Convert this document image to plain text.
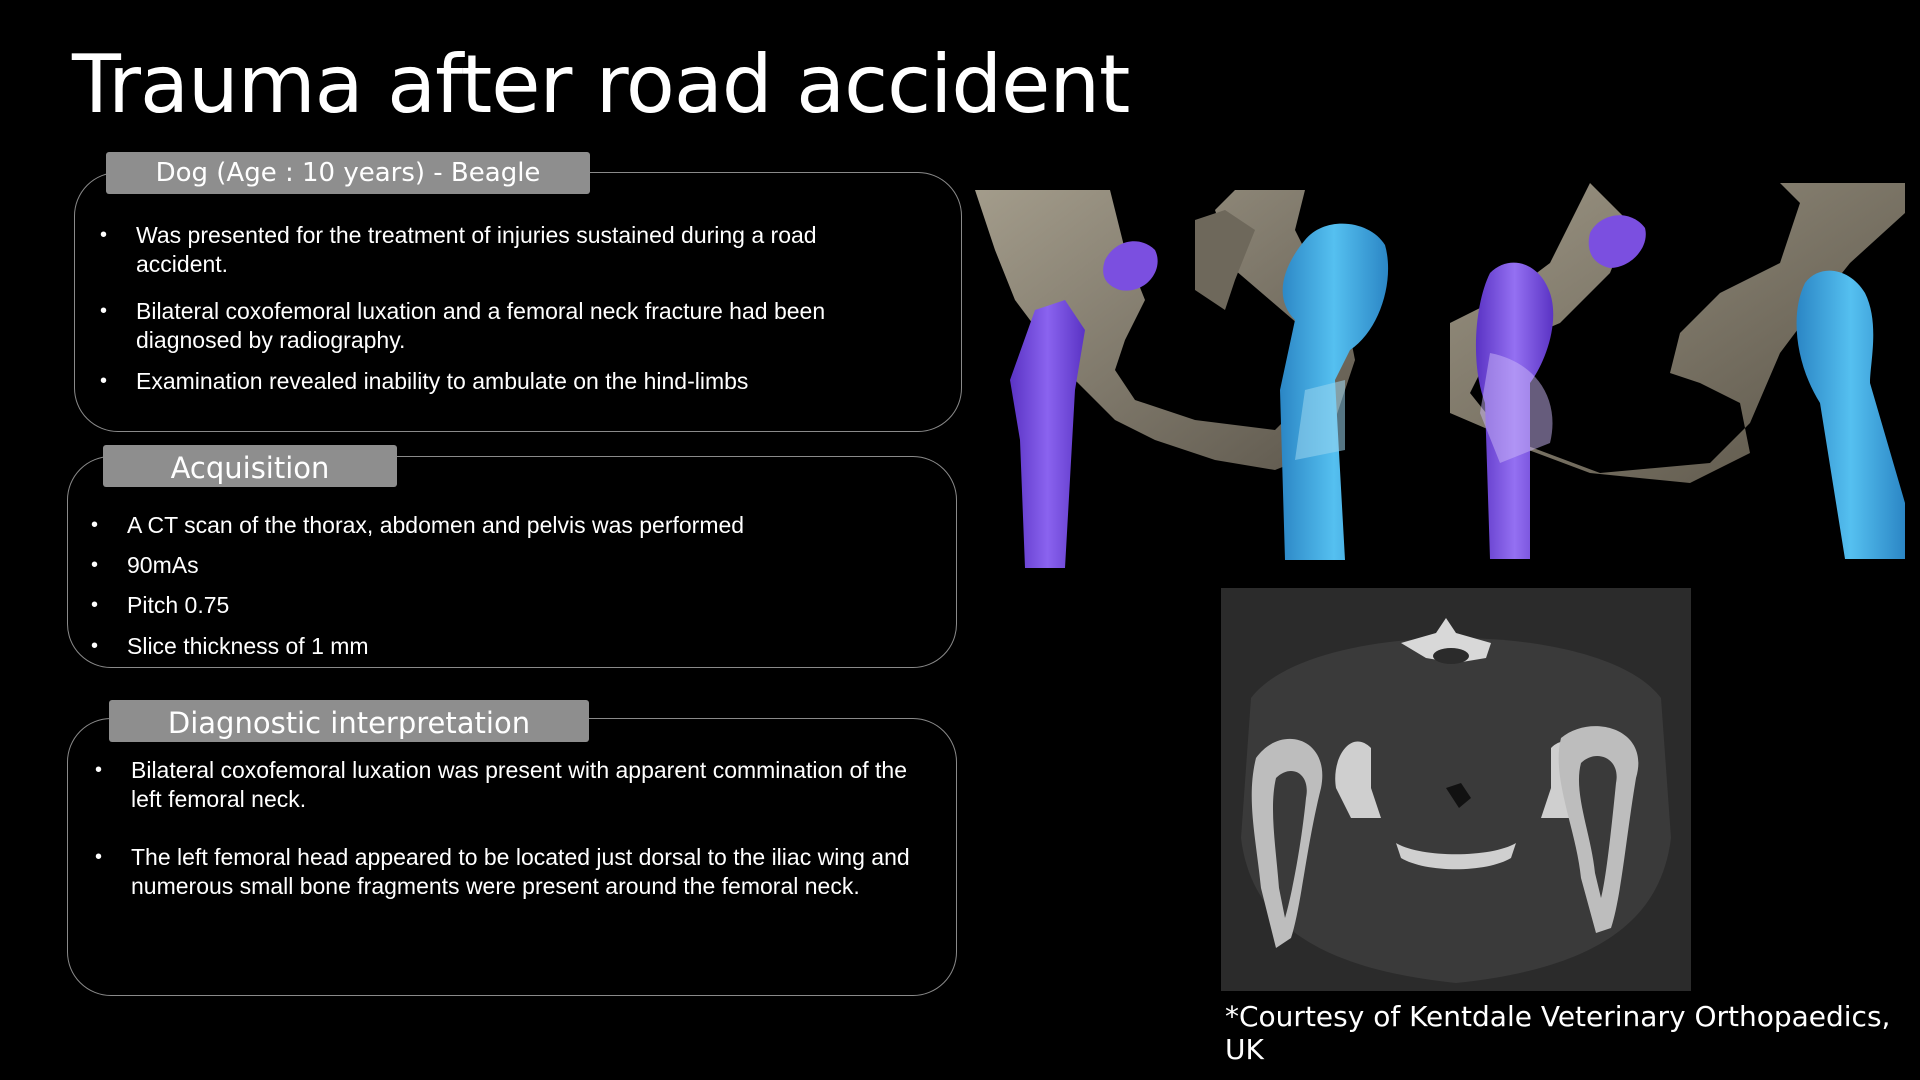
Trauma after road accident
Dog (Age : 10 years) - Beagle
• Was presented for the treatment of injuries sustained during a road accident.
• Bilateral coxofemoral luxation and a femoral neck fracture had been diagnosed by radiography.
• Examination revealed inability to ambulate on the hind-limbs
Acquisition
• A CT scan of the thorax, abdomen and pelvis was performed
• 90mAs
• Pitch 0.75
• Slice thickness of 1 mm
Diagnostic interpretation
• Bilateral coxofemoral luxation was present with apparent commination of the left femoral neck.
• The left femoral head appeared to be located just dorsal to the iliac wing and numerous small bone fragments were present around the femoral neck.
*Courtesy of Kentdale Veterinary Orthopaedics, UK
